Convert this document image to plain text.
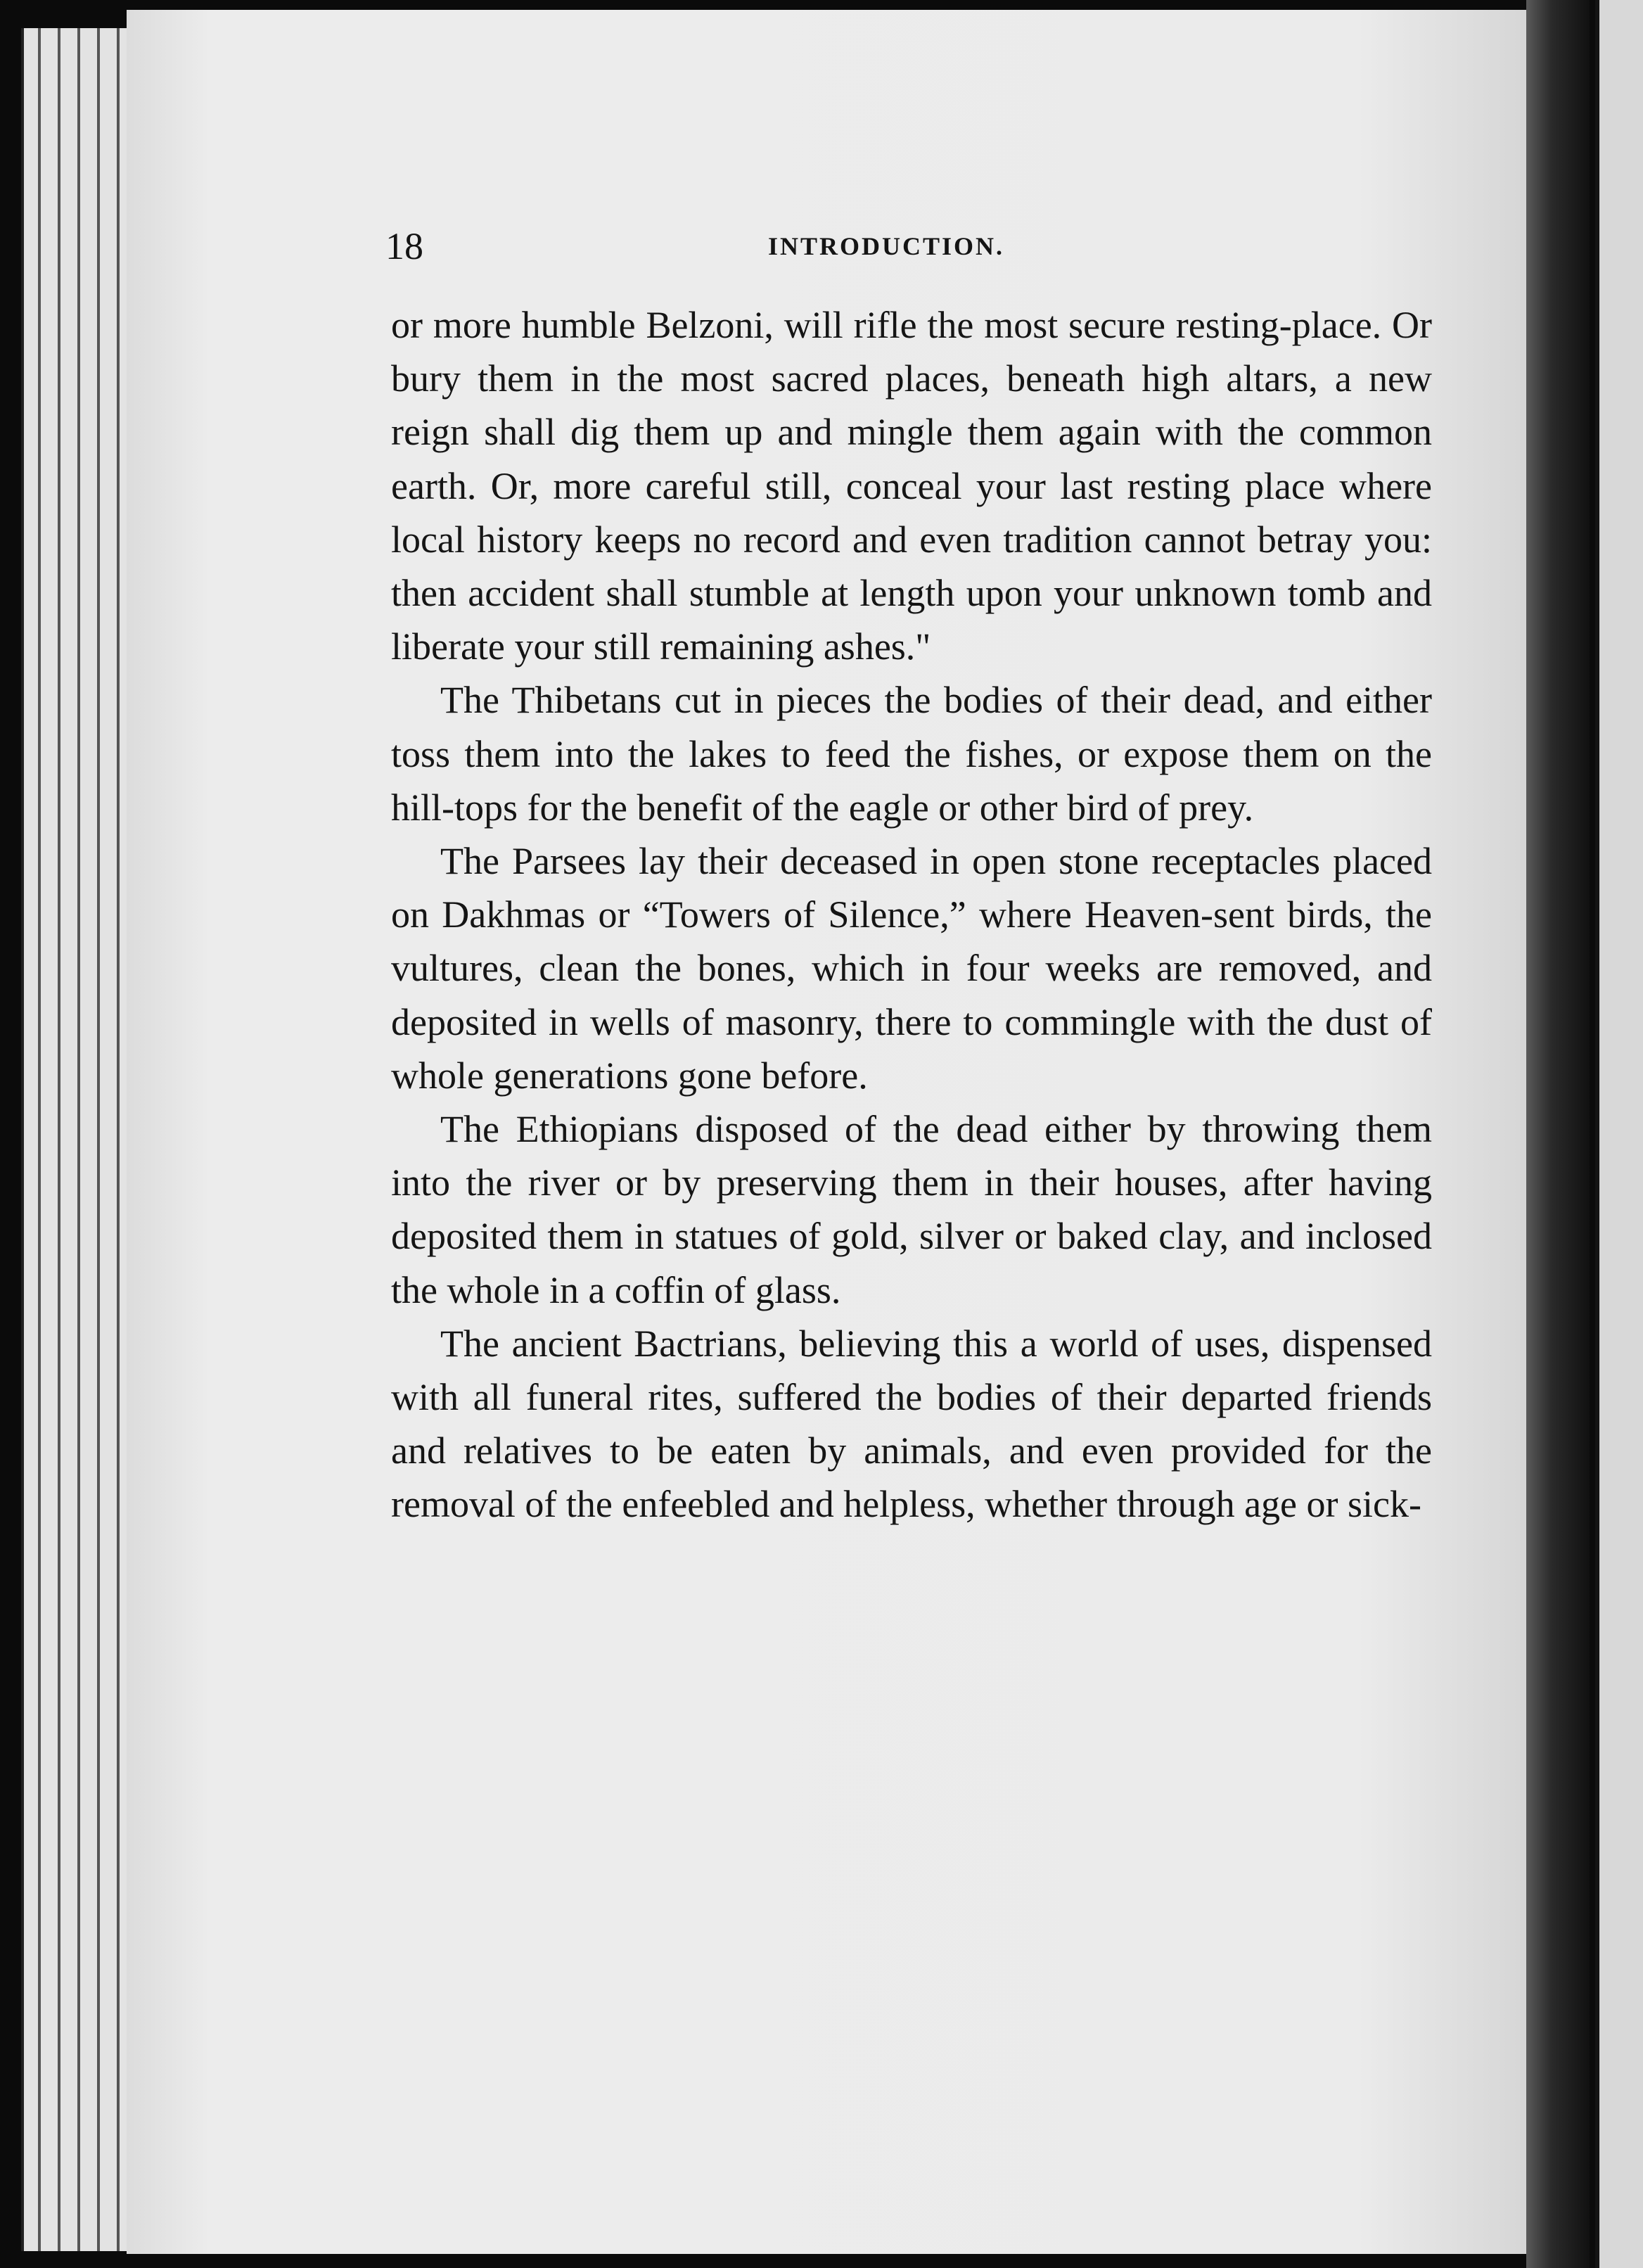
18	INTRODUCTION.

or more humble Belzoni, will rifle the most secure resting-place. Or bury them in the most sacred places, beneath high altars, a new reign shall dig them up and mingle them again with the common earth. Or, more careful still, conceal your last resting place where local history keeps no record and even tradition cannot betray you: then accident shall stumble at length upon your unknown tomb and liberate your still remaining ashes."

The Thibetans cut in pieces the bodies of their dead, and either toss them into the lakes to feed the fishes, or expose them on the hill-tops for the benefit of the eagle or other bird of prey.

The Parsees lay their deceased in open stone receptacles placed on Dakhmas or “Towers of Silence,” where Heaven-sent birds, the vultures, clean the bones, which in four weeks are removed, and deposited in wells of masonry, there to commingle with the dust of whole generations gone before.

The Ethiopians disposed of the dead either by throwing them into the river or by preserving them in their houses, after having deposited them in statues of gold, silver or baked clay, and inclosed the whole in a coffin of glass.

The ancient Bactrians, believing this a world of uses, dispensed with all funeral rites, suffered the bodies of their departed friends and relatives to be eaten by animals, and even provided for the removal of the enfeebled and helpless, whether through age or sick-
